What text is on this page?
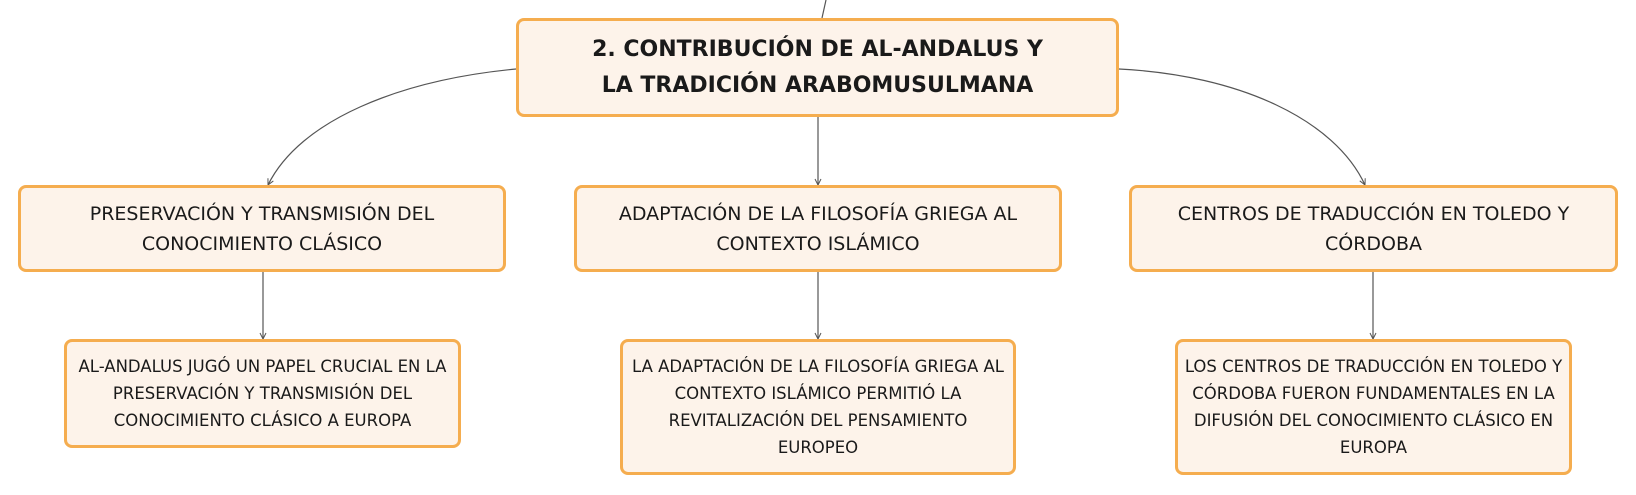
2. CONTRIBUCIÓN DE AL-ANDALUS Y LA TRADICIÓN ARABOMUSULMANA
PRESERVACIÓN Y TRANSMISIÓN DEL CONOCIMIENTO CLÁSICO
ADAPTACIÓN DE LA FILOSOFÍA GRIEGA AL CONTEXTO ISLÁMICO
CENTROS DE TRADUCCIÓN EN TOLEDO Y CÓRDOBA
AL-ANDALUS JUGÓ UN PAPEL CRUCIAL EN LA PRESERVACIÓN Y TRANSMISIÓN DEL CONOCIMIENTO CLÁSICO A EUROPA
LA ADAPTACIÓN DE LA FILOSOFÍA GRIEGA AL CONTEXTO ISLÁMICO PERMITIÓ LA REVITALIZACIÓN DEL PENSAMIENTO EUROPEO
LOS CENTROS DE TRADUCCIÓN EN TOLEDO Y CÓRDOBA FUERON FUNDAMENTALES EN LA DIFUSIÓN DEL CONOCIMIENTO CLÁSICO EN EUROPA
